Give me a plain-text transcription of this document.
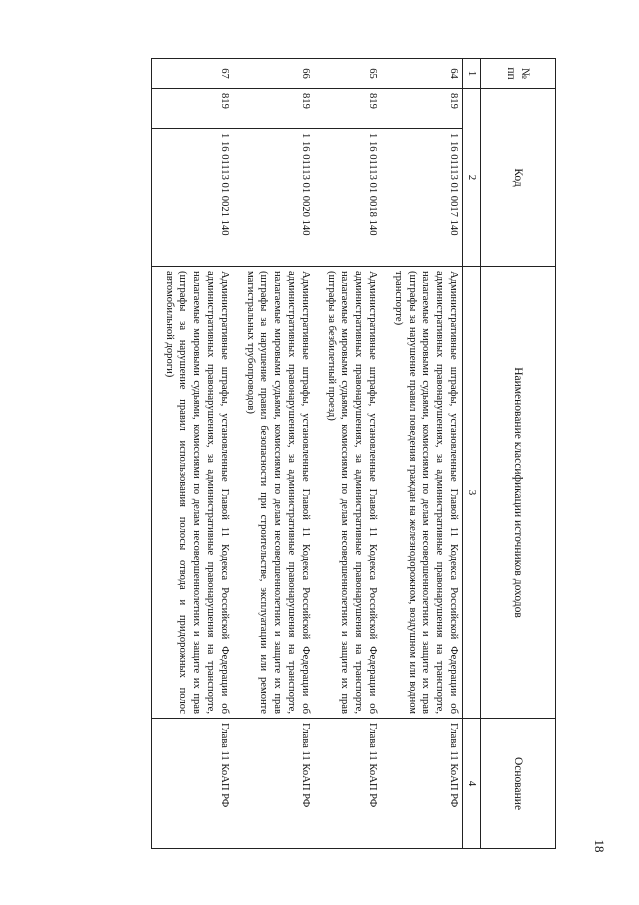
18
№ пп	Код		Наименование классификации источников доходов	Основание
1	2		3	4
64	819	1 16 01113 01 0017 140	Административные штрафы, установленные Главой 11 Кодекса Российской Федерации об административных правонарушениях, за административные правонарушения на транспорте, налагаемые мировыми судьями, комиссиями по делам несовершеннолетних и защите их прав (штрафы за нарушение правил поведения граждан на железнодорожном, воздушном или водном транспорте)	Глава 11 КоАП РФ
65	819	1 16 01113 01 0018 140	Административные штрафы, установленные Главой 11 Кодекса Российской Федерации об административных правонарушениях, за административные правонарушения на транспорте, налагаемые мировыми судьями, комиссиями по делам несовершеннолетних и защите их прав (штрафы за безбилетный проезд)	Глава 11 КоАП РФ
66	819	1 16 01113 01 0020 140	Административные штрафы, установленные Главой 11 Кодекса Российской Федерации об административных правонарушениях, за административные правонарушения на транспорте, налагаемые мировыми судьями, комиссиями по делам несовершеннолетних и защите их прав (штрафы за нарушение правил безопасности при строительстве, эксплуатации или ремонте магистральных трубопроводов)	Глава 11 КоАП РФ
67	819	1 16 01113 01 0021 140	Административные штрафы, установленные Главой 11 Кодекса Российской Федерации об административных правонарушениях, за административные правонарушения на транспорте, налагаемые мировыми судьями, комиссиями по делам несовершеннолетних и защите их прав (штрафы за нарушение правил использования полосы отвода и придорожных полос автомобильной дороги)	Глава 11 КоАП РФ
